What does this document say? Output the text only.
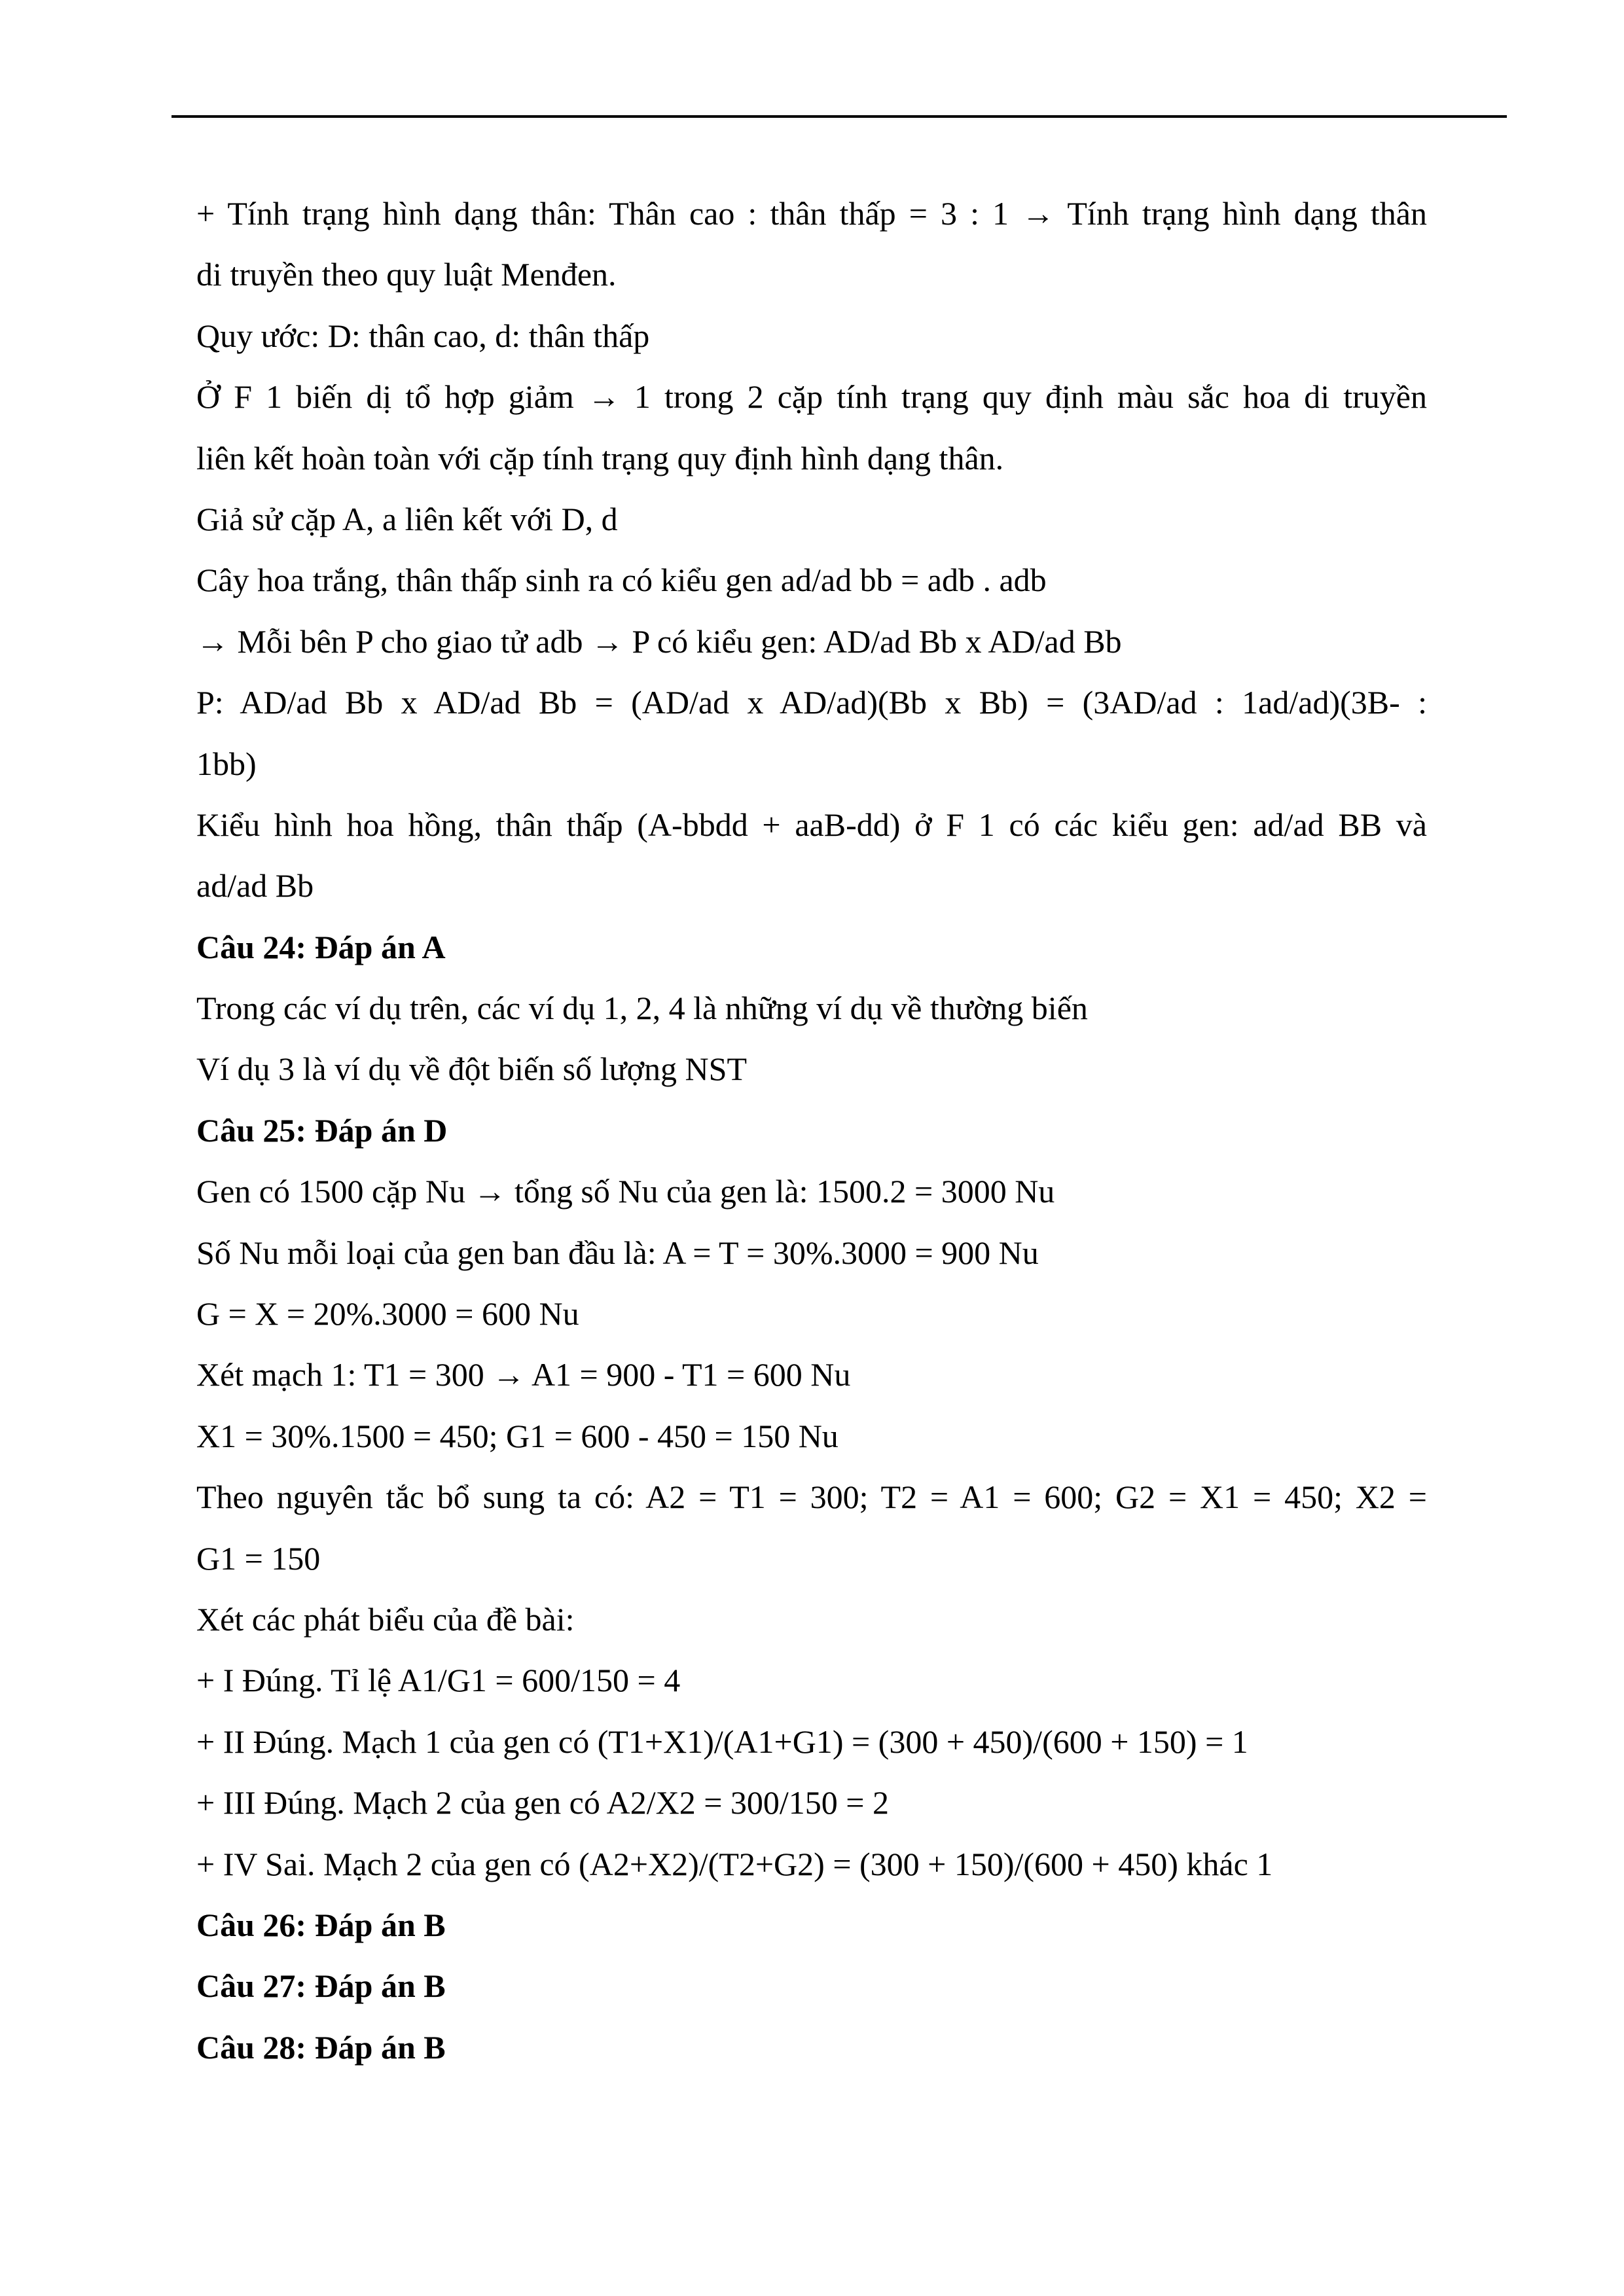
+ Tính trạng hình dạng thân: Thân cao : thân thấp = 3 : 1 → Tính trạng hình dạng thân
di truyền theo quy luật Menđen.
Quy ước: D: thân cao, d: thân thấp
Ở F 1 biến dị tổ hợp giảm → 1 trong 2 cặp tính trạng quy định màu sắc hoa di truyền
liên kết hoàn toàn với cặp tính trạng quy định hình dạng thân.
Giả sử cặp A, a liên kết với D, d
Cây hoa trắng, thân thấp sinh ra có kiểu gen ad/ad bb = adb . adb
→ Mỗi bên P cho giao tử adb → P có kiểu gen: AD/ad Bb x AD/ad Bb
P: AD/ad Bb x AD/ad Bb = (AD/ad x AD/ad)(Bb x Bb) = (3AD/ad : 1ad/ad)(3B- :
1bb)
Kiểu hình hoa hồng, thân thấp (A-bbdd + aaB-dd) ở F 1 có các kiểu gen: ad/ad BB và
ad/ad Bb
Câu 24: Đáp án A
Trong các ví dụ trên, các ví dụ 1, 2, 4 là những ví dụ về thường biến
Ví dụ 3 là ví dụ về đột biến số lượng NST
Câu 25: Đáp án D
Gen có 1500 cặp Nu → tổng số Nu của gen là: 1500.2 = 3000 Nu
Số Nu mỗi loại của gen ban đầu là: A = T = 30%.3000 = 900 Nu
G = X = 20%.3000 = 600 Nu
Xét mạch 1: T1 = 300 → A1 = 900 - T1 = 600 Nu
X1 = 30%.1500 = 450; G1 = 600 - 450 = 150 Nu
Theo nguyên tắc bổ sung ta có: A2 = T1 = 300; T2 = A1 = 600; G2 = X1 = 450; X2 =
G1 = 150
Xét các phát biểu của đề bài:
+ I Đúng. Tỉ lệ A1/G1 = 600/150 = 4
+ II Đúng. Mạch 1 của gen có (T1+X1)/(A1+G1) = (300 + 450)/(600 + 150) = 1
+ III Đúng. Mạch 2 của gen có A2/X2 = 300/150 = 2
+ IV Sai. Mạch 2 của gen có (A2+X2)/(T2+G2) = (300 + 150)/(600 + 450) khác 1
Câu 26: Đáp án B
Câu 27: Đáp án B
Câu 28: Đáp án B
